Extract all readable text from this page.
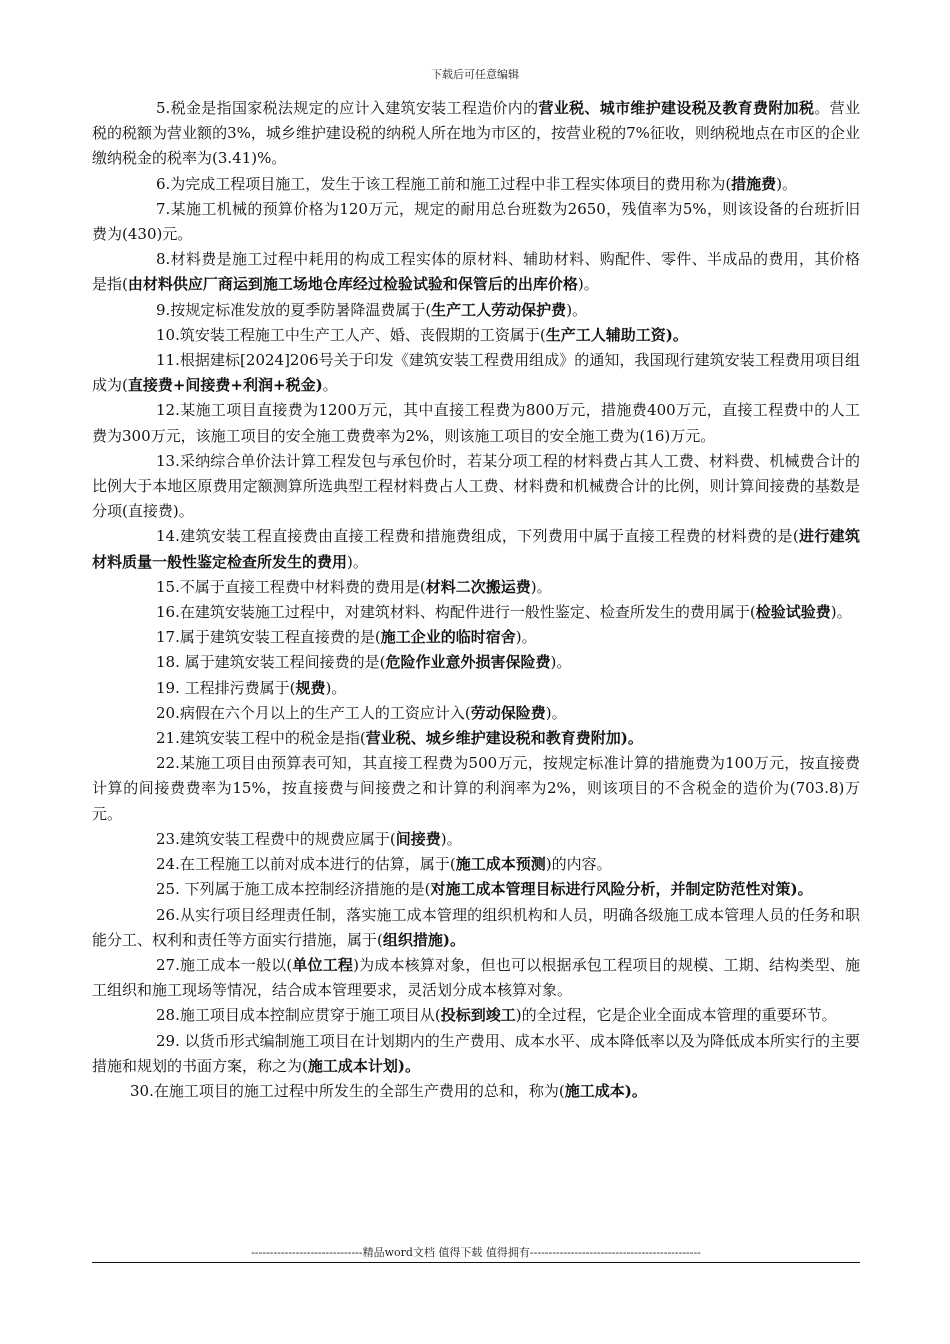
下载后可任意编辑

5.税金是指国家税法规定的应计入建筑安装工程造价内的营业税、城市维护建设税及教育费附加税。营业税的税额为营业额的3%，城乡维护建设税的纳税人所在地为市区的，按营业税的7%征收，则纳税地点在市区的企业缴纳税金的税率为(3.41)%。

6.为完成工程项目施工，发生于该工程施工前和施工过程中非工程实体项目的费用称为(措施费)。

7.某施工机械的预算价格为120万元，规定的耐用总台班数为2650，残值率为5%，则该设备的台班折旧费为(430)元。

8.材料费是施工过程中耗用的构成工程实体的原材料、辅助材料、购配件、零件、半成品的费用，其价格是指(由材料供应厂商运到施工场地仓库经过检验试验和保管后的出库价格)。

9.按规定标准发放的夏季防暑降温费属于(生产工人劳动保护费)。

10.筑安装工程施工中生产工人产、婚、丧假期的工资属于(生产工人辅助工资)。

11.根据建标[2024]206号关于印发《建筑安装工程费用组成》的通知，我国现行建筑安装工程费用项目组成为(直接费+间接费+利润+税金)。

12.某施工项目直接费为1200万元，其中直接工程费为800万元，措施费400万元，直接工程费中的人工费为300万元，该施工项目的安全施工费费率为2%，则该施工项目的安全施工费为(16)万元。

13.采纳综合单价法计算工程发包与承包价时，若某分项工程的材料费占其人工费、材料费、机械费合计的比例大于本地区原费用定额测算所选典型工程材料费占人工费、材料费和机械费合计的比例，则计算间接费的基数是分项(直接费)。

14.建筑安装工程直接费由直接工程费和措施费组成，下列费用中属于直接工程费的材料费的是(进行建筑材料质量一般性鉴定检查所发生的费用)。

15.不属于直接工程费中材料费的费用是(材料二次搬运费)。

16.在建筑安装施工过程中，对建筑材料、构配件进行一般性鉴定、检查所发生的费用属于(检验试验费)。

17.属于建筑安装工程直接费的是(施工企业的临时宿舍)。

18. 属于建筑安装工程间接费的是(危险作业意外损害保险费)。

19. 工程排污费属于(规费)。

20.病假在六个月以上的生产工人的工资应计入(劳动保险费)。

21.建筑安装工程中的税金是指(营业税、城乡维护建设税和教育费附加)。

22.某施工项目由预算表可知，其直接工程费为500万元，按规定标准计算的措施费为100万元，按直接费计算的间接费费率为15%，按直接费与间接费之和计算的利润率为2%，则该项目的不含税金的造价为(703.8)万元。

23.建筑安装工程费中的规费应属于(间接费)。

24.在工程施工以前对成本进行的估算，属于(施工成本预测)的内容。

25. 下列属于施工成本控制经济措施的是(对施工成本管理目标进行风险分析，并制定防范性对策)。

26.从实行项目经理责任制，落实施工成本管理的组织机构和人员，明确各级施工成本管理人员的任务和职能分工、权利和责任等方面实行措施，属于(组织措施)。

27.施工成本一般以(单位工程)为成本核算对象，但也可以根据承包工程项目的规模、工期、结构类型、施工组织和施工现场等情况，结合成本管理要求，灵活划分成本核算对象。

28.施工项目成本控制应贯穿于施工项目从(投标到竣工)的全过程，它是企业全面成本管理的重要环节。

29. 以货币形式编制施工项目在计划期内的生产费用、成本水平、成本降低率以及为降低成本所实行的主要措施和规划的书面方案，称之为(施工成本计划)。

30.在施工项目的施工过程中所发生的全部生产费用的总和，称为(施工成本)。

------------------------------精品word文档 值得下载 值得拥有----------------------------------------------
